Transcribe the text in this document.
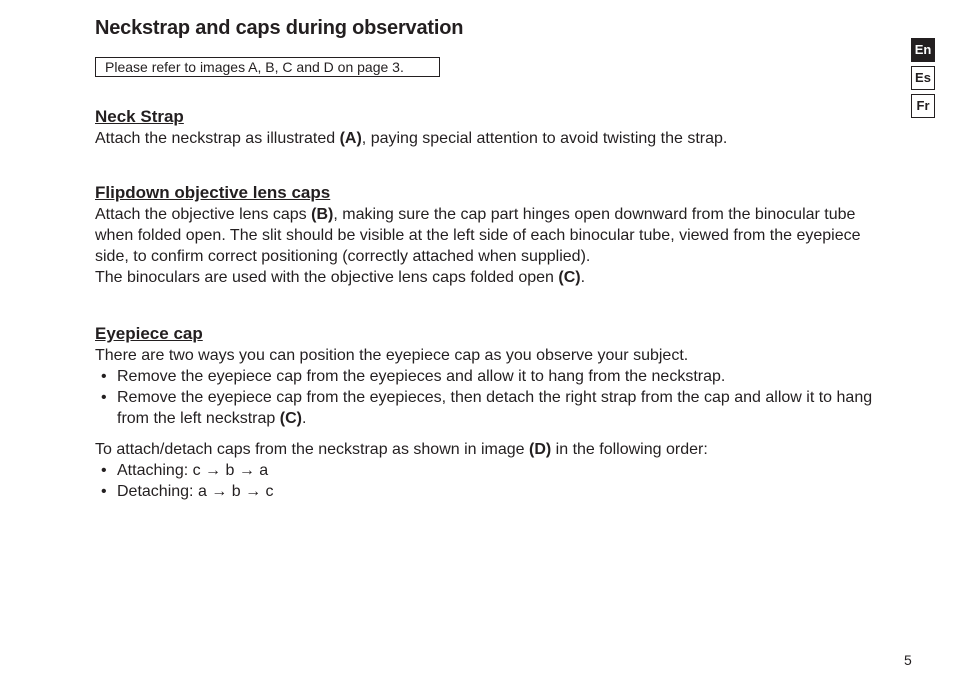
Neckstrap and caps during observation
Please refer to images A, B, C and D on page 3.
En
Es
Fr
Neck Strap

Attach the neckstrap as illustrated (A), paying special attention to avoid twisting the strap.

Flipdown objective lens caps

Attach the objective lens caps (B), making sure the cap part hinges open downward from the binocular tube when folded open. The slit should be visible at the left side of each binocular tube, viewed from the eyepiece side, to confirm correct positioning (correctly attached when supplied).

The binoculars are used with the objective lens caps folded open (C).

Eyepiece cap

There are two ways you can position the eyepiece cap as you observe your subject.

• Remove the eyepiece cap from the eyepieces and allow it to hang from the neckstrap.
• Remove the eyepiece cap from the eyepieces, then detach the right strap from the cap and allow it to hang from the left neckstrap (C).

To attach/detach caps from the neckstrap as shown in image (D) in the following order:

• Attaching: c → b → a
• Detaching: a → b → c
5
